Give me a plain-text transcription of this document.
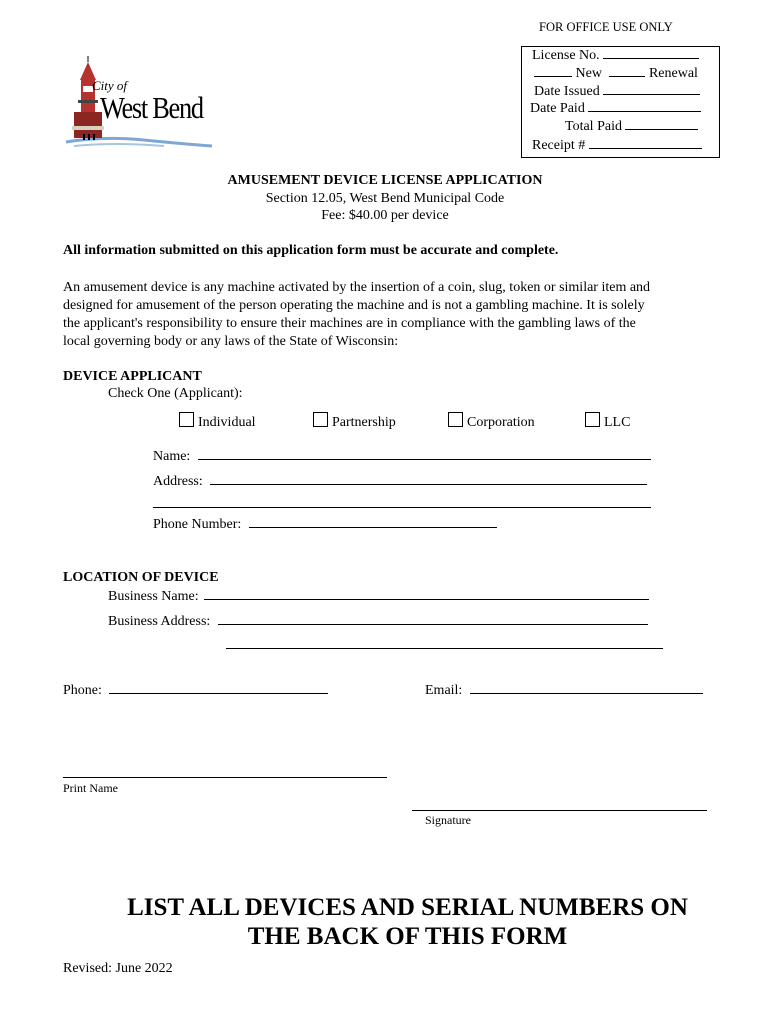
FOR OFFICE USE ONLY
License No.
New	Renewal
Date Issued
Date Paid
Total Paid
Receipt #
City of
West Bend
AMUSEMENT DEVICE LICENSE APPLICATION
Section 12.05, West Bend Municipal Code
Fee: $40.00 per device
All information submitted on this application form must be accurate and complete.
An amusement device is any machine activated by the insertion of a coin, slug, token or similar item and
designed for amusement of the person operating the machine and is not a gambling machine. It is solely
the applicant's responsibility to ensure their machines are in compliance with the gambling laws of the
local governing body or any laws of the State of Wisconsin:
DEVICE APPLICANT
Check One (Applicant):
Individual	Partnership	Corporation	LLC
Name:
Address:
Phone Number:
LOCATION OF DEVICE
Business Name:
Business Address:
Phone:	Email:
Print Name
Signature
LIST ALL DEVICES AND SERIAL NUMBERS ON
THE BACK OF THIS FORM
Revised: June 2022
